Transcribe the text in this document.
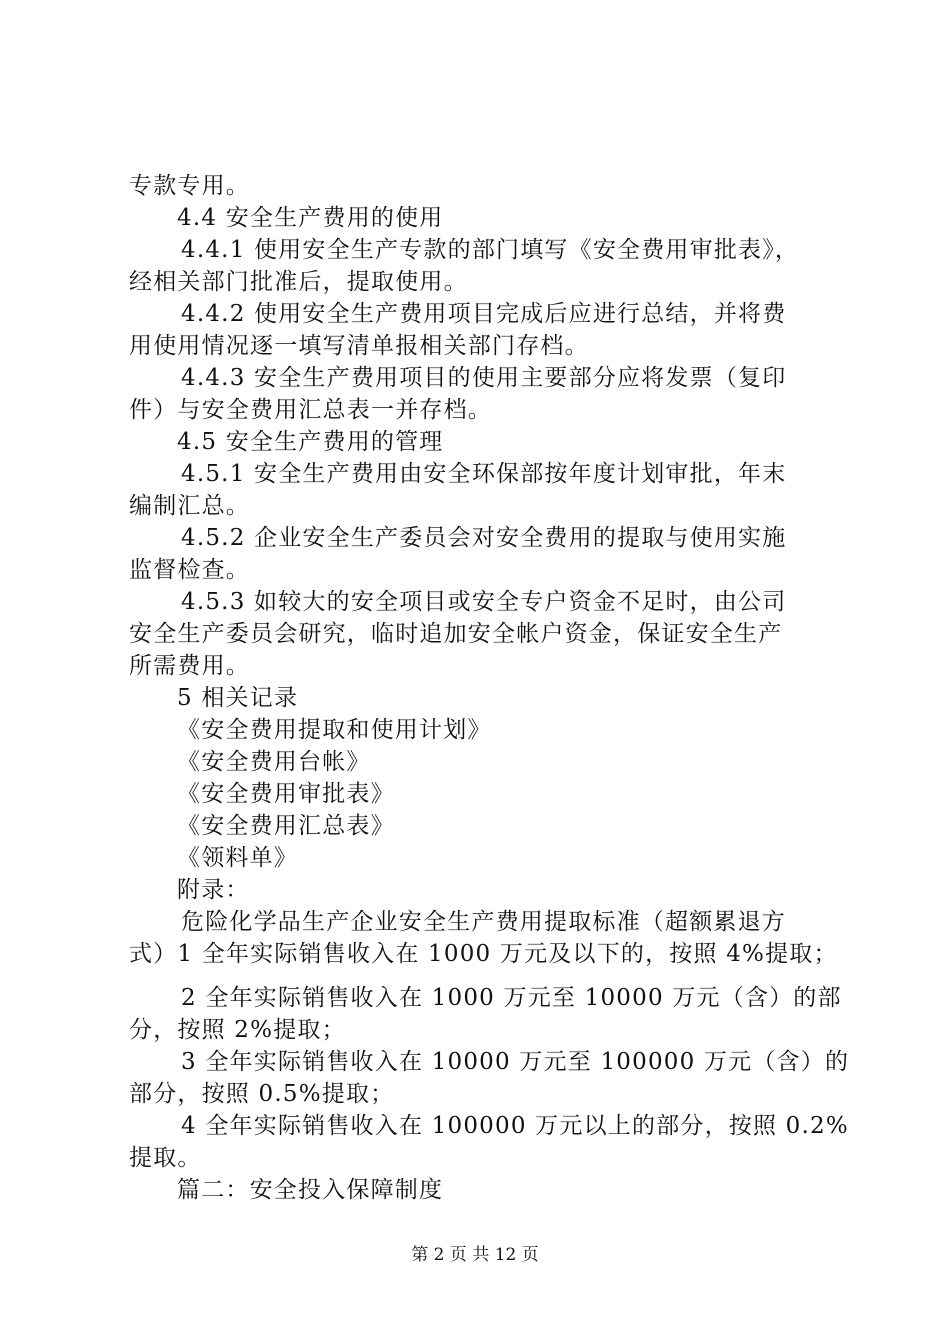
专款专用。
4.4 安全生产费用的使用
4.4.1 使用安全生产专款的部门填写《安全费用审批表》，
经相关部门批准后，提取使用。
4.4.2 使用安全生产费用项目完成后应进行总结，并将费
用使用情况逐一填写清单报相关部门存档。
4.4.3 安全生产费用项目的使用主要部分应将发票（复印
件）与安全费用汇总表一并存档。
4.5 安全生产费用的管理
4.5.1 安全生产费用由安全环保部按年度计划审批，年末
编制汇总。
4.5.2 企业安全生产委员会对安全费用的提取与使用实施
监督检查。
4.5.3 如较大的安全项目或安全专户资金不足时，由公司
安全生产委员会研究，临时追加安全帐户资金，保证安全生产
所需费用。
5 相关记录
《安全费用提取和使用计划》
《安全费用台帐》
《安全费用审批表》
《安全费用汇总表》
《领料单》
附录：
危险化学品生产企业安全生产费用提取标准（超额累退方
式）1 全年实际销售收入在 1000 万元及以下的，按照 4%提取；
2 全年实际销售收入在 1000 万元至 10000 万元（含）的部
分，按照 2%提取；
3 全年实际销售收入在 10000 万元至 100000 万元（含）的
部分，按照 0.5%提取；
4 全年实际销售收入在 100000 万元以上的部分，按照 0.2%
提取。
篇二：安全投入保障制度
第 2 页 共 12 页
